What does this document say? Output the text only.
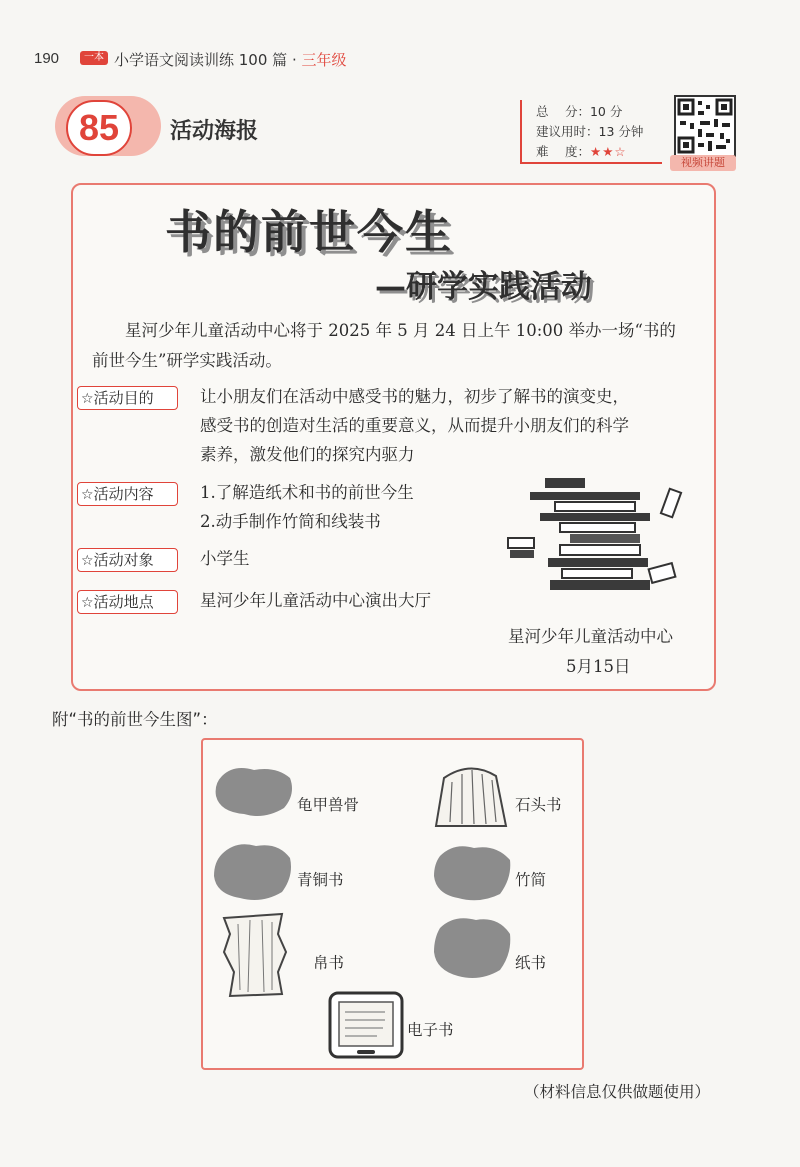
190	一本 小学语文阅读训练 100 篇 · 三年级
85	活动海报
总　 分：10 分
建议用时：13 分钟
难　 度：★★☆
视频讲题
书的前世今生
—研学实践活动
星河少年儿童活动中心将于 2025 年 5 月 24 日上午 10:00 举办一场“书的前世今生”研学实践活动。
☆活动目的	让小朋友们在活动中感受书的魅力，初步了解书的演变史，
感受书的创造对生活的重要意义，从而提升小朋友们的科学
素养，激发他们的探究内驱力
☆活动内容	1.了解造纸术和书的前世今生
2.动手制作竹简和线装书
☆活动对象	小学生
☆活动地点	星河少年儿童活动中心演出大厅
星河少年儿童活动中心
5月15日
附“书的前世今生图”：
龟甲兽骨	石头书
青铜书	竹简
帛书	纸书
电子书
（材料信息仅供做题使用）
